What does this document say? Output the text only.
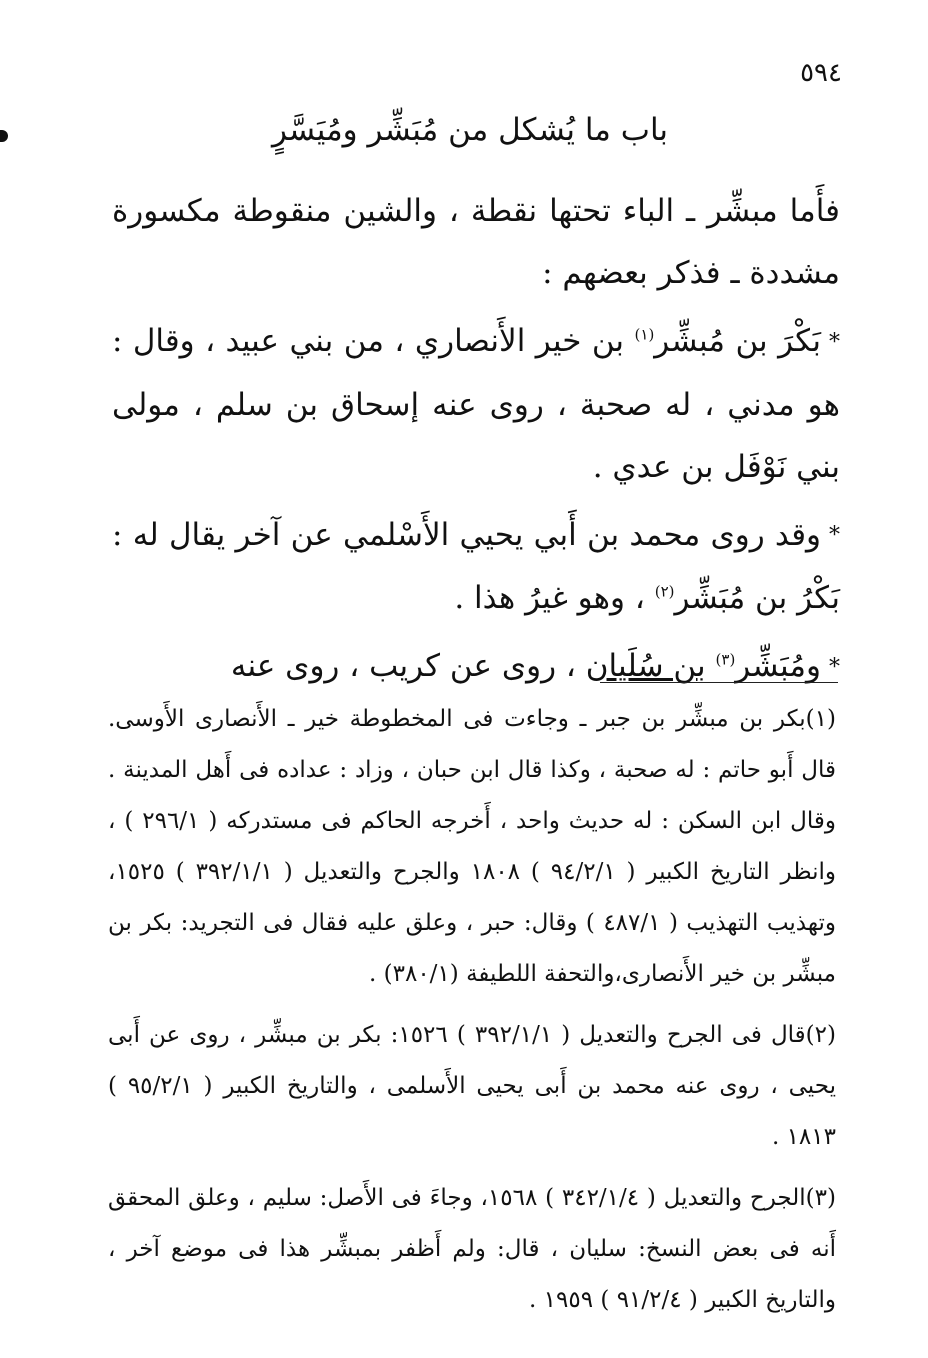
٥٩٤
باب ما يُشكل من مُبَشِّر ومُيَسَّرٍ

فأَما مبشِّر ـ الباء تحتها نقطة ، والشين منقوطة مكسورة مشددة ـ فذكر بعضهم :

*بَكْرَ بن مُبشِّر$^{(١)}$ بن خير الأَنصاري ، من بني عبيد ، وقال : هو مدني ، له صحبة ، روى عنه إسحاق بن سلم ، مولى بني نَوْفَل بن عدي .

*وقد روى محمد بن أَبي يحيي الأَسْلمي عن آخر يقال له : بَكْرُ بن مُبَشِّر$^{(٢)}$ ، وهو غيرُ هذا .

*ومُبَشِّر$^{(٣)}$ بن سُلَيان ، روى عن كريب ، روى عنه

(١)بكر بن مبشِّر بن جبر ـ وجاءت فى المخطوطة خير ـ الأَنصارى الأَوسى. قال أَبو حاتم : له صحبة ، وكذا قال ابن حبان ، وزاد : عداده فى أَهل المدينة . وقال ابن السكن : له حديث واحد ، أَخرجه الحاكم فى مستدركه ( ٢٩٦/١ ) ، وانظر التاريخ الكبير ( ٩٤/٢/١ ) ١٨٠٨ والجرح والتعديل ( ٣٩٢/١/١ ) ١٥٢٥، وتهذيب التهذيب ( ٤٨٧/١ ) وقال: حبر ، وعلق عليه فقال فى التجريد: بكر بن مبشِّر بن خير الأَنصارى،والتحفة اللطيفة (٣٨٠/١) .

(٢)قال فى الجرح والتعديل ( ٣٩٢/١/١ ) ١٥٢٦: بكر بن مبشِّر ، روى عن أَبى يحيى ، روى عنه محمد بن أَبى يحيى الأَسلمى ، والتاريخ الكبير ( ٩٥/٢/١ ) ١٨١٣ .

(٣)الجرح والتعديل ( ٣٤٢/١/٤ ) ١٥٦٨، وجاءَ فى الأَصل: سليم ، وعلق المحقق أَنه فى بعض النسخ: سليان ، قال: ولم أَظفر بمبشِّر هذا فى موضع آخر ، والتاريخ الكبير ( ٩١/٢/٤ ) ١٩٥٩ .
